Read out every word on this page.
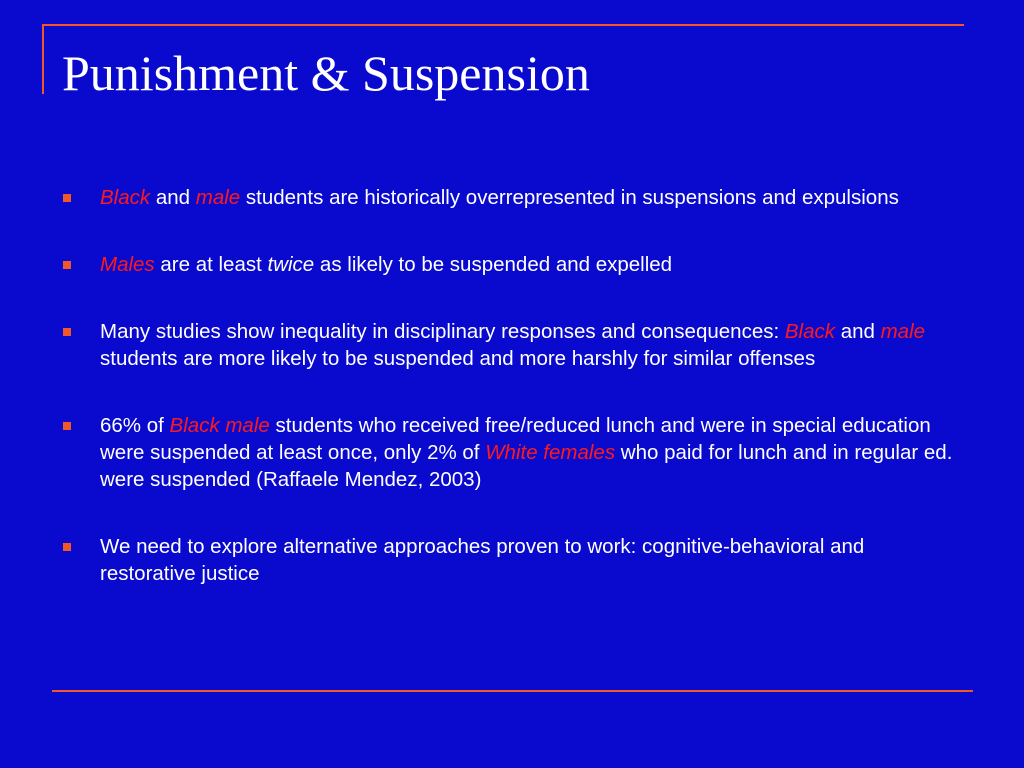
Punishment & Suspension
Black and male students are historically overrepresented in suspensions and expulsions
Males are at least twice as likely to be suspended and expelled
Many studies show inequality in disciplinary responses and consequences: Black and male students are more likely to be suspended and more harshly for similar offenses
66% of Black male students who received free/reduced lunch and were in special education were suspended at least once, only 2% of White females who paid for lunch and in regular ed. were suspended (Raffaele Mendez, 2003)
We need to explore alternative approaches proven to work: cognitive-behavioral and restorative justice
